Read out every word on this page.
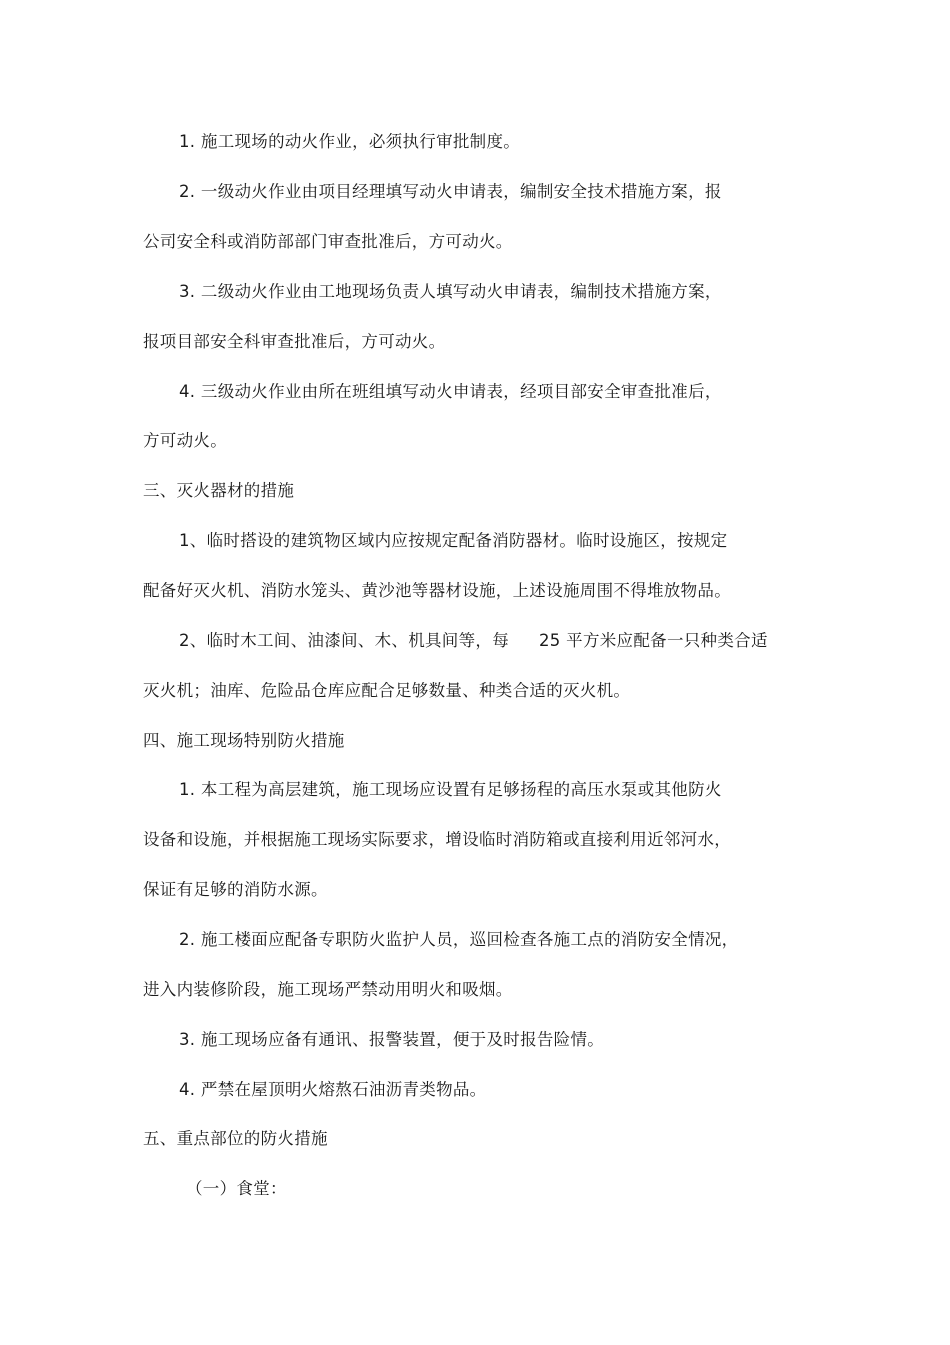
1. 施工现场的动火作业，必须执行审批制度。
2. 一级动火作业由项目经理填写动火申请表，编制安全技术措施方案，报
公司安全科或消防部部门审查批准后，方可动火。
3. 二级动火作业由工地现场负责人填写动火申请表，编制技术措施方案，
报项目部安全科审查批准后，方可动火。
4. 三级动火作业由所在班组填写动火申请表，经项目部安全审查批准后，
方可动火。
三、灭火器材的措施
1、临时搭设的建筑物区域内应按规定配备消防器材。临时设施区，按规定
配备好灭火机、消防水笼头、黄沙池等器材设施，上述设施周围不得堆放物品。
2、临时木工间、油漆间、木、机具间等，每 25 平方米应配备一只种类合适
灭火机；油库、危险品仓库应配合足够数量、种类合适的灭火机。
四、施工现场特别防火措施
1. 本工程为高层建筑，施工现场应设置有足够扬程的高压水泵或其他防火
设备和设施，并根据施工现场实际要求，增设临时消防箱或直接利用近邻河水，
保证有足够的消防水源。
2. 施工楼面应配备专职防火监护人员，巡回检查各施工点的消防安全情况，
进入内装修阶段，施工现场严禁动用明火和吸烟。
3. 施工现场应备有通讯、报警装置，便于及时报告险情。
4. 严禁在屋顶明火熔熬石油沥青类物品。
五、重点部位的防火措施
（一）食堂：
